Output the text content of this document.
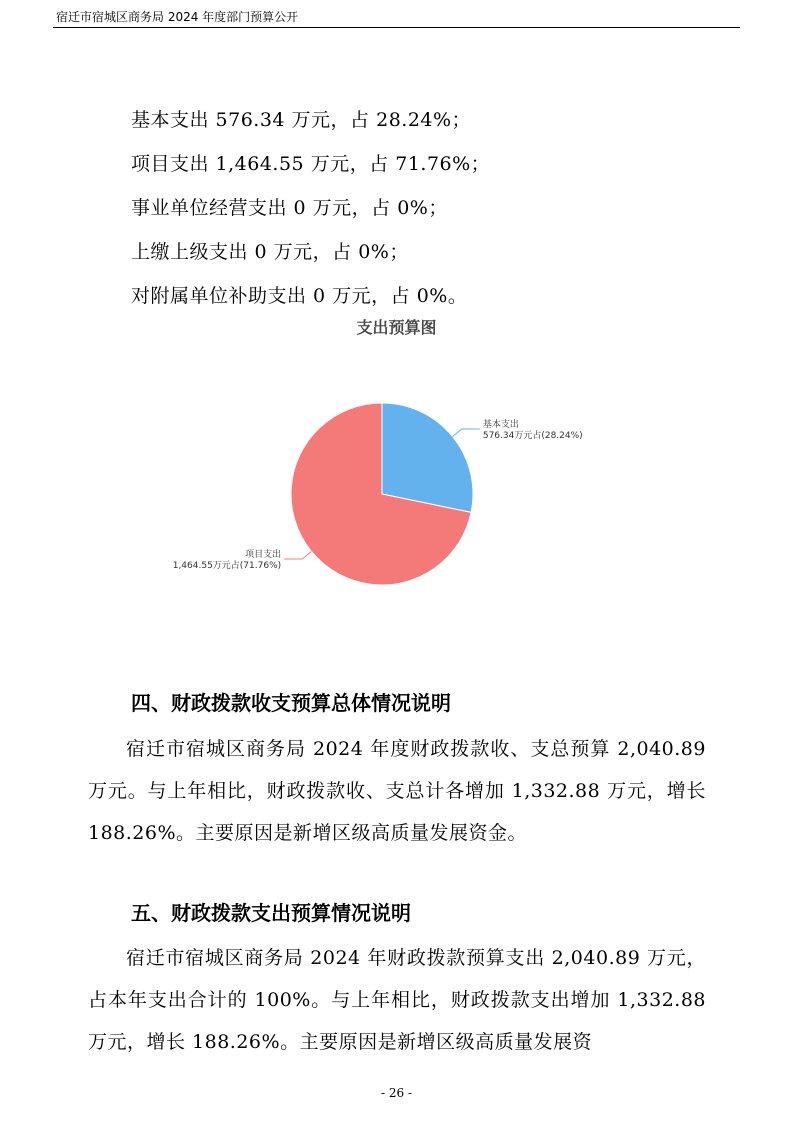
宿迁市宿城区商务局 2024 年度部门预算公开
基本支出 576.34 万元，占 28.24%；
项目支出 1,464.55 万元，占 71.76%；
事业单位经营支出 0 万元，占 0%；
上缴上级支出 0 万元，占 0%；
对附属单位补助支出 0 万元，占 0%。
支出预算图
基本支出
576.34万元占(28.24%)
项目支出
1,464.55万元占(71.76%)
四、财政拨款收支预算总体情况说明
宿迁市宿城区商务局 2024 年度财政拨款收、支总预算 2,040.89 万元。与上年相比，财政拨款收、支总计各增加 1,332.88 万元，增长 188.26%。主要原因是新增区级高质量发展资金。
五、财政拨款支出预算情况说明
宿迁市宿城区商务局 2024 年财政拨款预算支出 2,040.89 万元，占本年支出合计的 100%。与上年相比，财政拨款支出增加 1,332.88 万元，增长 188.26%。主要原因是新增区级高质量发展资
- 26 -
